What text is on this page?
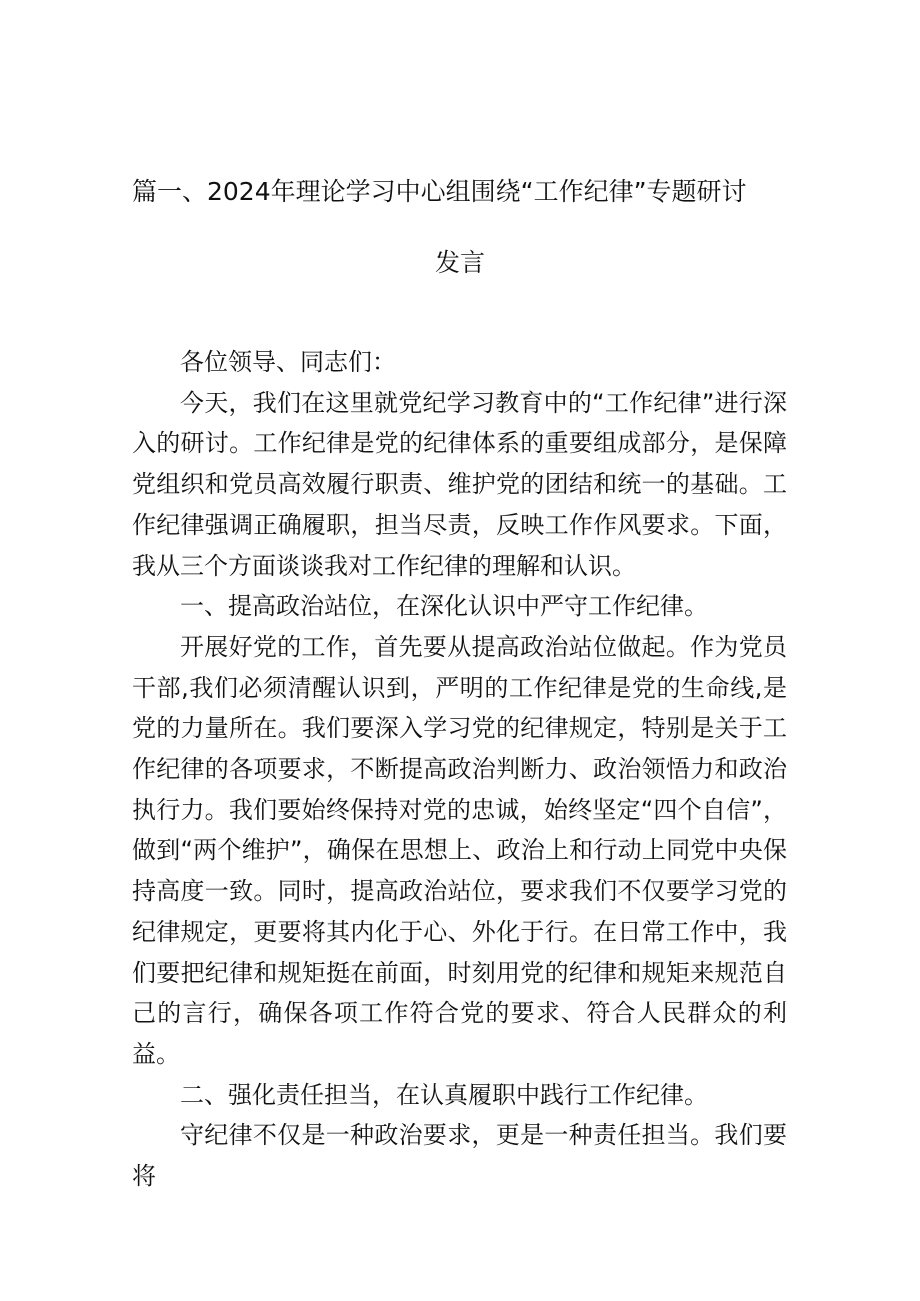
篇一、2024年理论学习中心组围绕“工作纪律”专题研讨
发言

各位领导、同志们：

今天，我们在这里就党纪学习教育中的“工作纪律”进行深入的研讨。工作纪律是党的纪律体系的重要组成部分，是保障党组织和党员高效履行职责、维护党的团结和统一的基础。工作纪律强调正确履职，担当尽责，反映工作作风要求。下面，我从三个方面谈谈我对工作纪律的理解和认识。

一、提高政治站位，在深化认识中严守工作纪律。

开展好党的工作，首先要从提高政治站位做起。作为党员干部,我们必须清醒认识到，严明的工作纪律是党的生命线,是党的力量所在。我们要深入学习党的纪律规定，特别是关于工作纪律的各项要求，不断提高政治判断力、政治领悟力和政治执行力。我们要始终保持对党的忠诚，始终坚定“四个自信”，做到“两个维护”，确保在思想上、政治上和行动上同党中央保持高度一致。同时，提高政治站位，要求我们不仅要学习党的纪律规定，更要将其内化于心、外化于行。在日常工作中，我们要把纪律和规矩挺在前面，时刻用党的纪律和规矩来规范自己的言行，确保各项工作符合党的要求、符合人民群众的利益。

二、强化责任担当，在认真履职中践行工作纪律。

守纪律不仅是一种政治要求，更是一种责任担当。我们要将
